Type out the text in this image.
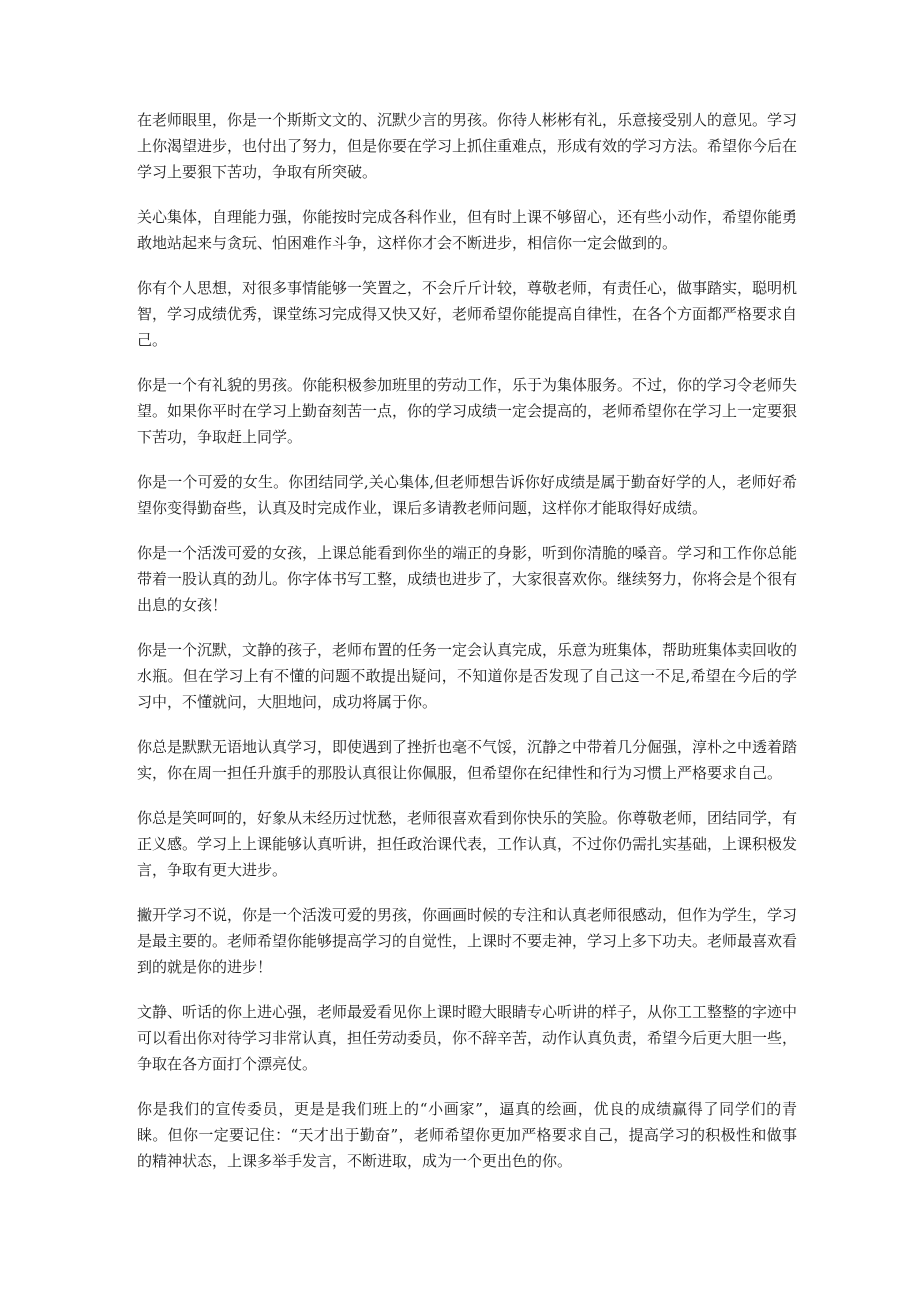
在老师眼里，你是一个斯斯文文的、沉默少言的男孩。你待人彬彬有礼，乐意接受别人的意见。学习上你渴望进步，也付出了努力，但是你要在学习上抓住重难点，形成有效的学习方法。希望你今后在学习上要狠下苦功，争取有所突破。

关心集体，自理能力强，你能按时完成各科作业，但有时上课不够留心，还有些小动作，希望你能勇敢地站起来与贪玩、怕困难作斗争，这样你才会不断进步，相信你一定会做到的。

你有个人思想，对很多事情能够一笑置之，不会斤斤计较，尊敬老师，有责任心，做事踏实，聪明机智，学习成绩优秀，课堂练习完成得又快又好，老师希望你能提高自律性，在各个方面都严格要求自己。

你是一个有礼貌的男孩。你能积极参加班里的劳动工作，乐于为集体服务。不过，你的学习令老师失望。如果你平时在学习上勤奋刻苦一点，你的学习成绩一定会提高的，老师希望你在学习上一定要狠下苦功，争取赶上同学。

你是一个可爱的女生。你团结同学,关心集体,但老师想告诉你好成绩是属于勤奋好学的人，老师好希望你变得勤奋些，认真及时完成作业，课后多请教老师问题，这样你才能取得好成绩。

你是一个活泼可爱的女孩，上课总能看到你坐的端正的身影，听到你清脆的嗓音。学习和工作你总能带着一股认真的劲儿。你字体书写工整，成绩也进步了，大家很喜欢你。继续努力，你将会是个很有出息的女孩！

你是一个沉默，文静的孩子，老师布置的任务一定会认真完成，乐意为班集体，帮助班集体卖回收的水瓶。但在学习上有不懂的问题不敢提出疑问，不知道你是否发现了自己这一不足,希望在今后的学习中，不懂就问，大胆地问，成功将属于你。

你总是默默无语地认真学习，即使遇到了挫折也毫不气馁，沉静之中带着几分倔强，淳朴之中透着踏实，你在周一担任升旗手的那股认真很让你佩服，但希望你在纪律性和行为习惯上严格要求自己。

你总是笑呵呵的，好象从未经历过忧愁，老师很喜欢看到你快乐的笑脸。你尊敬老师，团结同学，有正义感。学习上上课能够认真听讲，担任政治课代表，工作认真，不过你仍需扎实基础，上课积极发言，争取有更大进步。

撇开学习不说，你是一个活泼可爱的男孩，你画画时候的专注和认真老师很感动，但作为学生，学习是最主要的。老师希望你能够提高学习的自觉性，上课时不要走神，学习上多下功夫。老师最喜欢看到的就是你的进步！

文静、听话的你上进心强，老师最爱看见你上课时瞪大眼睛专心听讲的样子，从你工工整整的字迹中可以看出你对待学习非常认真，担任劳动委员，你不辞辛苦，动作认真负责，希望今后更大胆一些，争取在各方面打个漂亮仗。

你是我们的宣传委员，更是是我们班上的“小画家”，逼真的绘画，优良的成绩赢得了同学们的青睐。但你一定要记住：“天才出于勤奋”，老师希望你更加严格要求自己，提高学习的积极性和做事的精神状态，上课多举手发言，不断进取，成为一个更出色的你。
